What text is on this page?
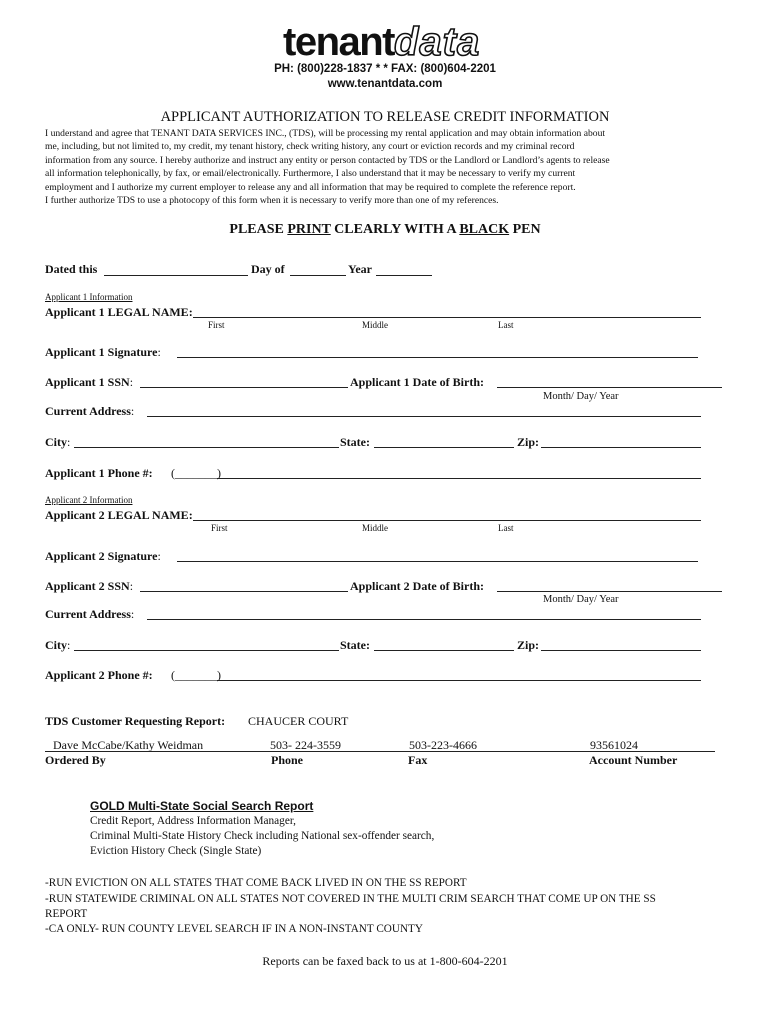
tenantdata
PH: (800)228-1837 * * FAX: (800)604-2201
www.tenantdata.com
APPLICANT AUTHORIZATION TO RELEASE CREDIT INFORMATION

I understand and agree that TENANT DATA SERVICES INC., (TDS), will be processing my rental application and may obtain information about

me, including, but not limited to, my credit, my tenant history, check writing history, any court or eviction records and my criminal record

information from any source. I hereby authorize and instruct any entity or person contacted by TDS or the Landlord or Landlord’s agents to release

all information telephonically, by fax, or email/electronically. Furthermore, I also understand that it may be necessary to verify my current

employment and I authorize my current employer to release any and all information that may be required to complete the reference report.

I further authorize TDS to use a photocopy of this form when it is necessary to verify more than one of my references.

PLEASE PRINT CLEARLY WITH A BLACK PEN
Dated this	Day of	Year
Applicant 1 Information
Applicant 1 LEGAL NAME:
First	Middle	Last
Applicant 1 Signature:
Applicant 1 SSN:	Applicant 1 Date of Birth:
Month/ Day/ Year
Current Address:
City:	State:	Zip:
Applicant 1 Phone #: (_______)
Applicant 2 Information
Applicant 2 LEGAL NAME:
First	Middle	Last
Applicant 2 Signature:
Applicant 2 SSN:	Applicant 2 Date of Birth:
Month/ Day/ Year
Current Address:
City:	State:	Zip:
Applicant 2 Phone #: (_______)
TDS Customer Requesting Report: CHAUCER COURT
Dave McCabe/Kathy Weidman	503- 224-3559	503-223-4666	93561024
Ordered By	Phone	Fax	Account Number
GOLD Multi-State Social Search Report
Credit Report, Address Information Manager,
Criminal Multi-State History Check including National sex-offender search,
Eviction History Check (Single State)
-RUN EVICTION ON ALL STATES THAT COME BACK LIVED IN ON THE SS REPORT
-RUN STATEWIDE CRIMINAL ON ALL STATES NOT COVERED IN THE MULTI CRIM SEARCH THAT COME UP ON THE SS
REPORT
-CA ONLY- RUN COUNTY LEVEL SEARCH IF IN A NON-INSTANT COUNTY
Reports can be faxed back to us at 1-800-604-2201
